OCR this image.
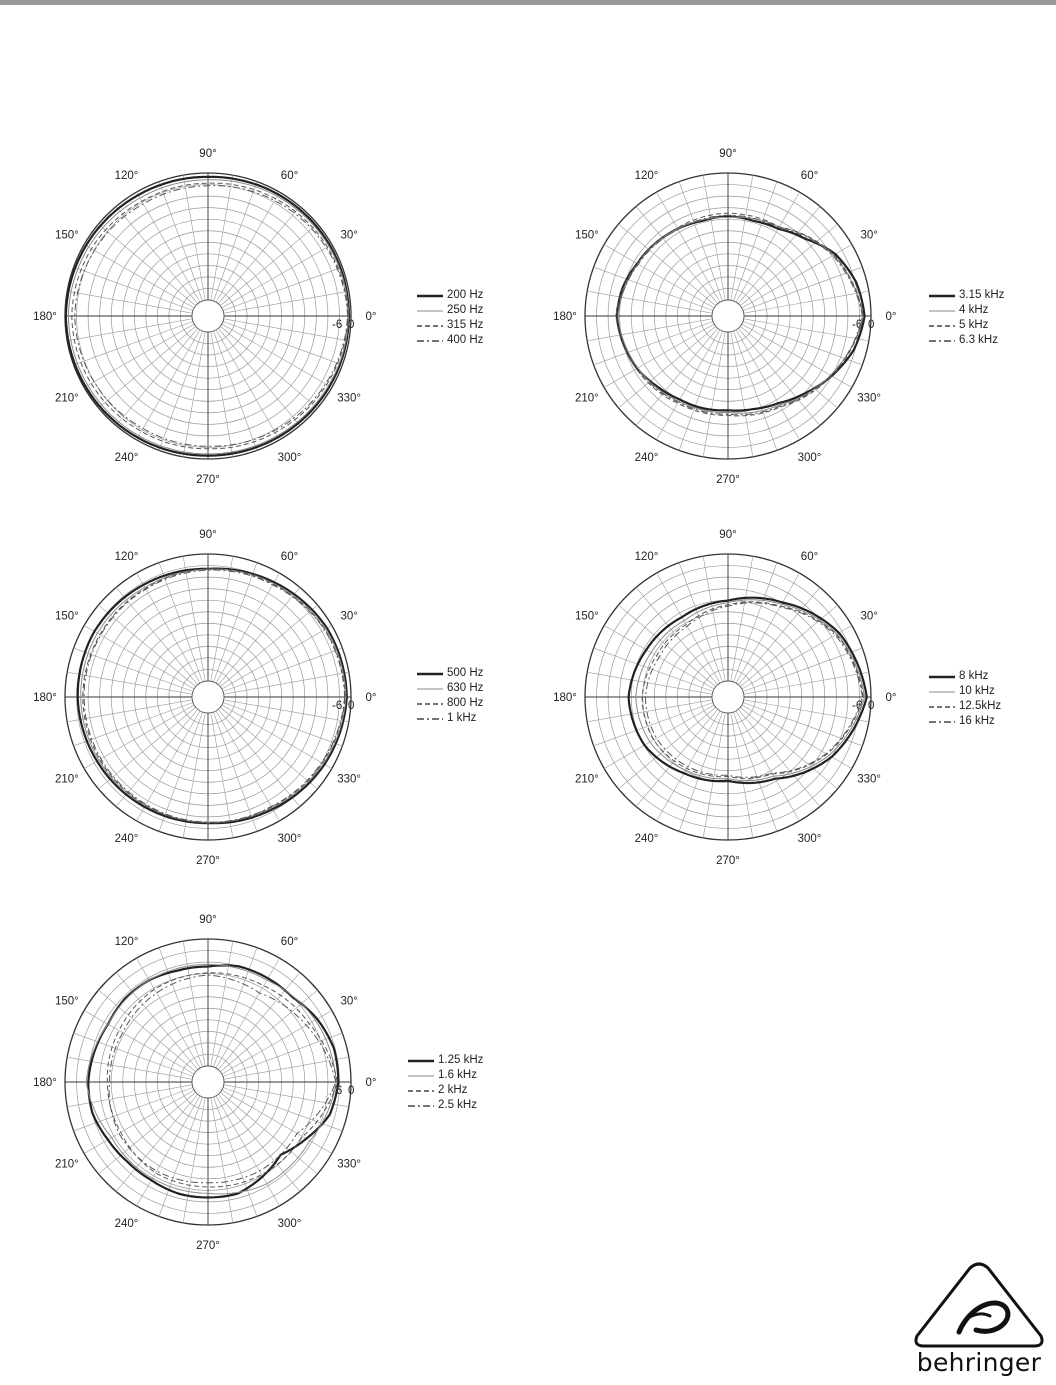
0°
30°
60°
90°
120°
150°
180°
210°
240°
270°
300°
330°
-6 0
200 Hz
250 Hz
315 Hz
400 Hz
0°
30°
60°
90°
120°
150°
180°
210°
240°
270°
300°
330°
-6 0
3.15 kHz
4 kHz
5 kHz
6.3 kHz
0°
30°
60°
90°
120°
150°
180°
210°
240°
270°
300°
330°
-6 0
500 Hz
630 Hz
800 Hz
1 kHz
0°
30°
60°
90°
120°
150°
180°
210°
240°
270°
300°
330°
-6 0
8 kHz
10 kHz
12.5kHz
16 kHz
0°
30°
60°
90°
120°
150°
180°
210°
240°
270°
300°
330°
-6 0
1.25 kHz
1.6 kHz
2 kHz
2.5 kHz
behringer
